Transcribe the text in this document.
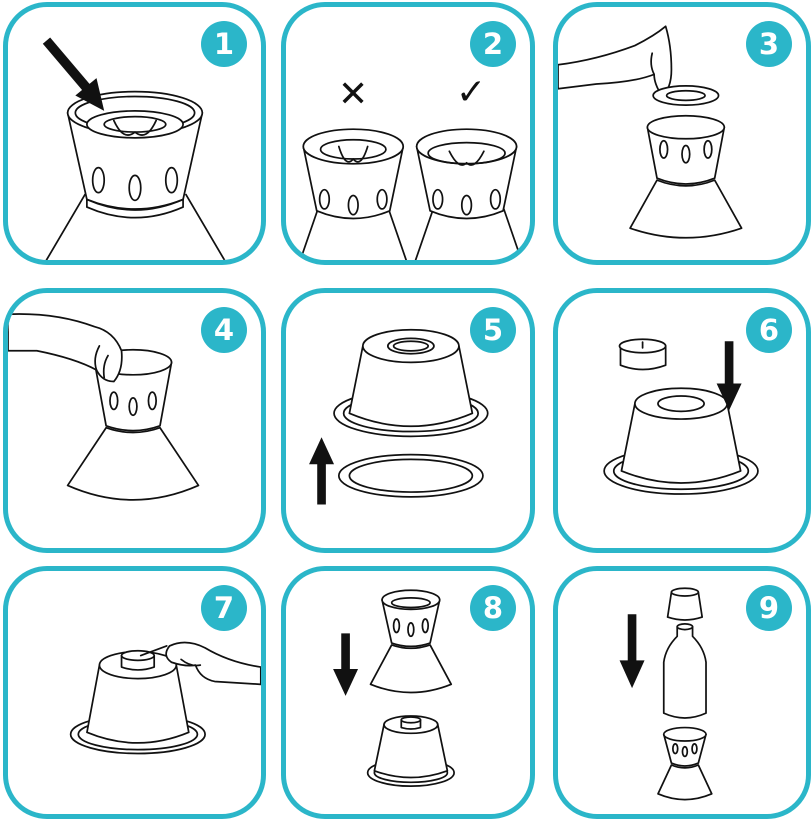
1
✕ ✓
2	3
4	5	6
7	8	9
